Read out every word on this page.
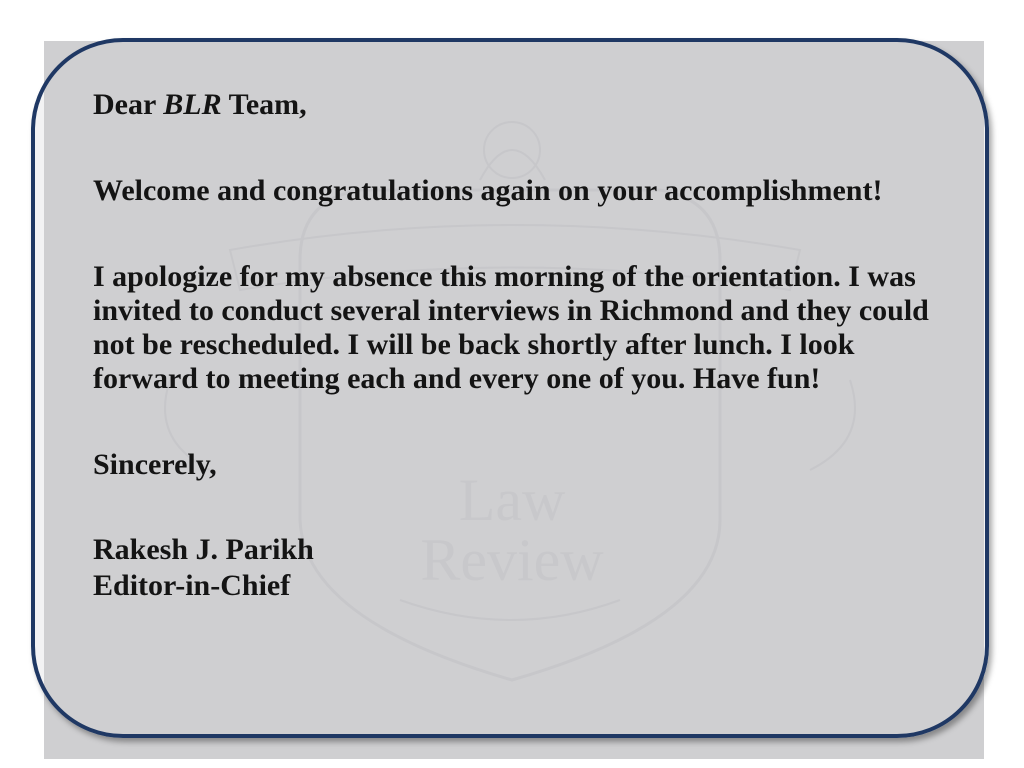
Law
Review

Dear BLR Team,

Welcome and congratulations again on your accomplishment!

I apologize for my absence this morning of the orientation. I was invited to conduct several interviews in Richmond and they could not be rescheduled. I will be back shortly after lunch. I look forward to meeting each and every one of you. Have fun!

Sincerely,

Rakesh J. Parikh

Editor-in-Chief
